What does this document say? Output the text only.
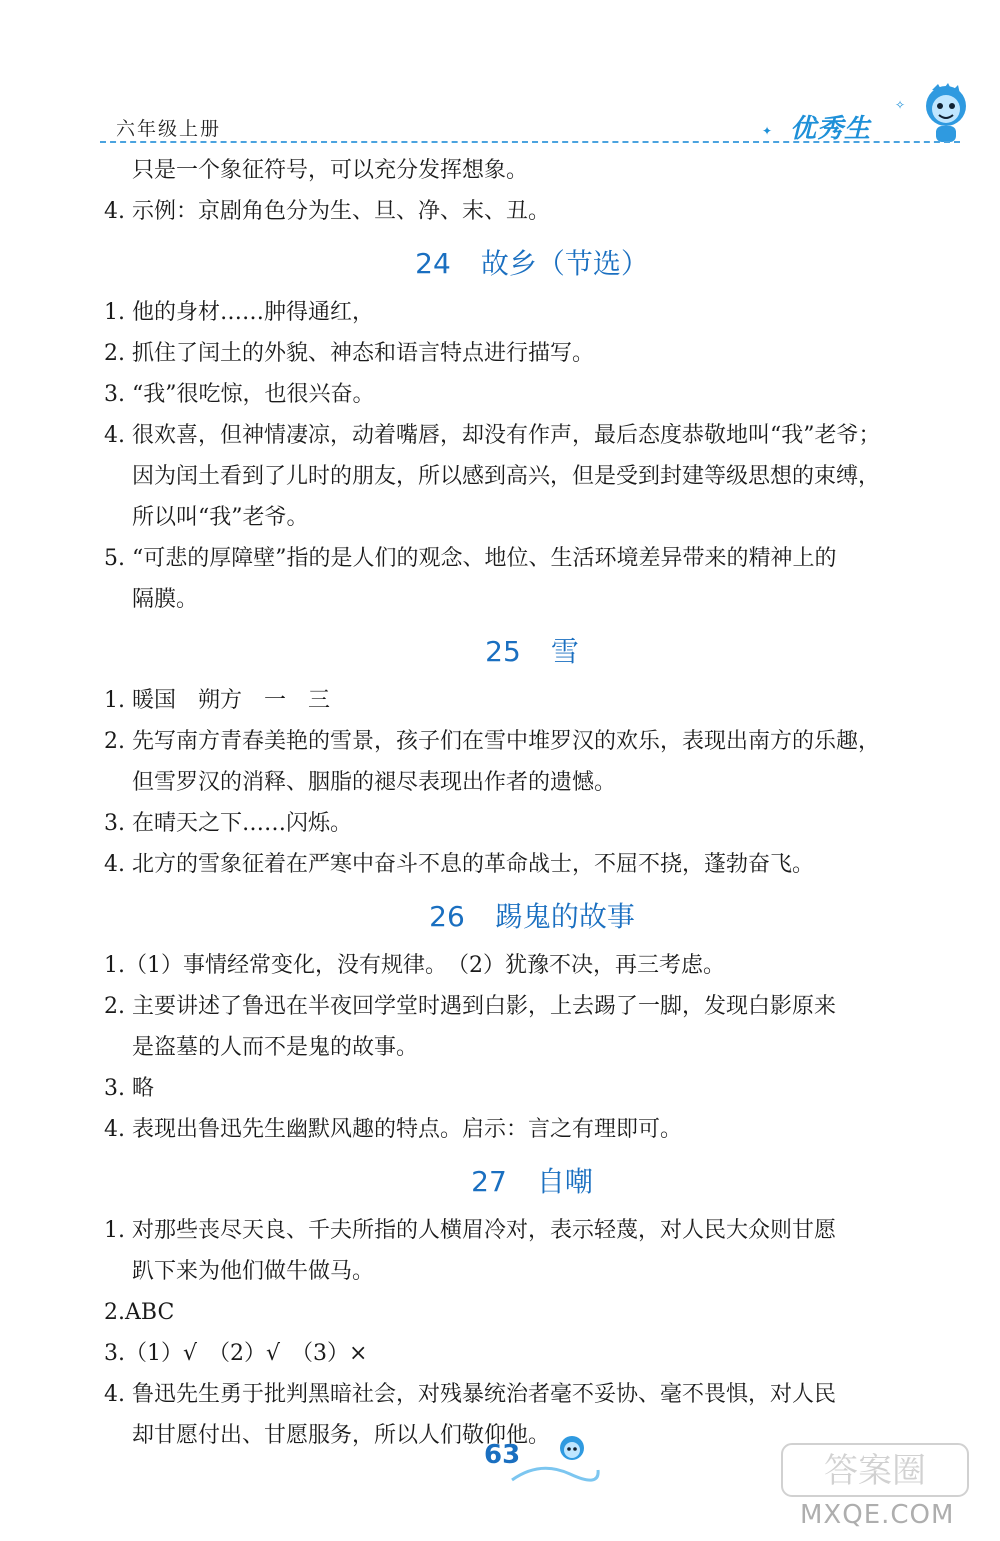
六年级上册	✦
✧
优秀生

只是一个象征符号，可以充分发挥想象。

4. 示例：京剧角色分为生、旦、净、末、丑。

24 故乡（节选）

1. 他的身材……肿得通红，

2. 抓住了闰土的外貌、神态和语言特点进行描写。

3. “我”很吃惊，也很兴奋。

4. 很欢喜，但神情凄凉，动着嘴唇，却没有作声，最后态度恭敬地叫“我”老爷；

因为闰土看到了儿时的朋友，所以感到高兴，但是受到封建等级思想的束缚，

所以叫“我”老爷。

5. “可悲的厚障壁”指的是人们的观念、地位、生活环境差异带来的精神上的

隔膜。

25 雪

1. 暖国　朔方　一　三

2. 先写南方青春美艳的雪景，孩子们在雪中堆罗汉的欢乐，表现出南方的乐趣，

但雪罗汉的消释、胭脂的褪尽表现出作者的遗憾。

3. 在晴天之下……闪烁。

4. 北方的雪象征着在严寒中奋斗不息的革命战士，不屈不挠，蓬勃奋飞。

26 踢鬼的故事

1.（1）事情经常变化，没有规律。　（2）犹豫不决，再三考虑。

2. 主要讲述了鲁迅在半夜回学堂时遇到白影，上去踢了一脚，发现白影原来

是盗墓的人而不是鬼的故事。

3. 略

4. 表现出鲁迅先生幽默风趣的特点。启示：言之有理即可。

27 自嘲

1. 对那些丧尽天良、千夫所指的人横眉冷对，表示轻蔑，对人民大众则甘愿

趴下来为他们做牛做马。

2.ABC

3.（1）√　（2）√　（3）×

4. 鲁迅先生勇于批判黑暗社会，对残暴统治者毫不妥协、毫不畏惧，对人民

却甘愿付出、甘愿服务，所以人们敬仰他。

63	答案圈
MXQE.COM
